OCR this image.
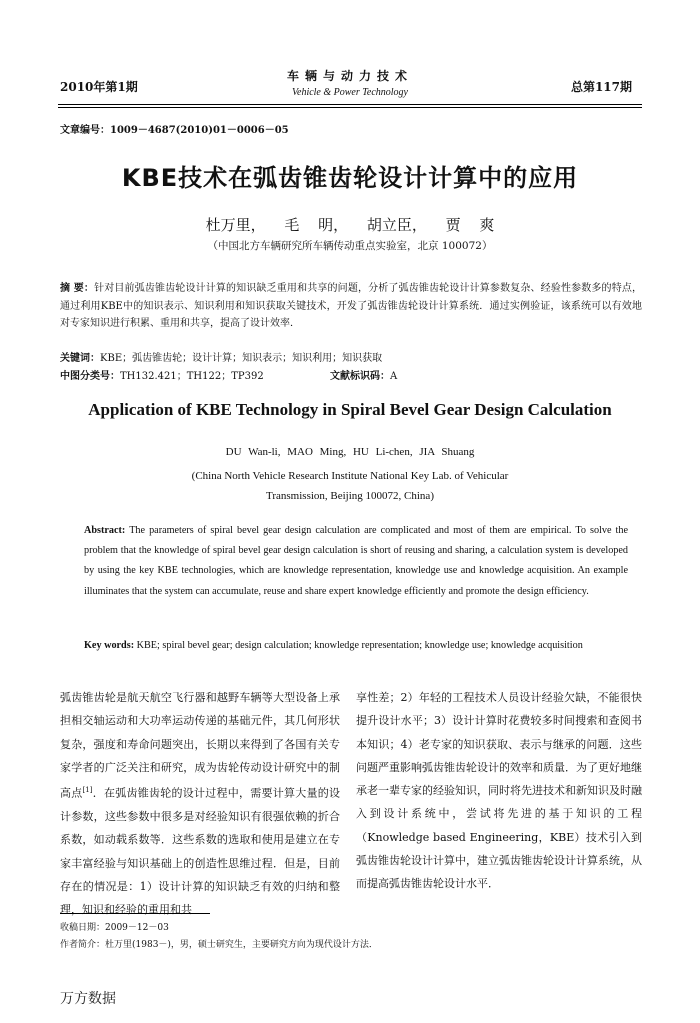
2010年第1期
车辆与动力技术
Vehicle & Power Technology	总第117期
文章编号：1009－4687(2010)01－0006－05
KBE技术在弧齿锥齿轮设计计算中的应用
杜万里， 毛 明， 胡立臣， 贾 爽
（中国北方车辆研究所车辆传动重点实验室，北京 100072）
摘 要：针对目前弧齿锥齿轮设计计算的知识缺乏重用和共享的问题，分析了弧齿锥齿轮设计计算参数复杂、经验性参数多的特点，通过利用KBE中的知识表示、知识利用和知识获取关键技术，开发了弧齿锥齿轮设计计算系统．通过实例验证，该系统可以有效地对专家知识进行积累、重用和共享，提高了设计效率．
关键词：KBE；弧齿锥齿轮；设计计算；知识表示；知识利用；知识获取
中图分类号：TH132.421；TH122；TP392	文献标识码：A
Application of KBE Technology in Spiral Bevel Gear Design Calculation
DU Wan-li, MAO Ming, HU Li-chen, JIA Shuang
(China North Vehicle Research Institute National Key Lab. of Vehicular
Transmission, Beijing 100072, China)
Abstract: The parameters of spiral bevel gear design calculation are complicated and most of them are empirical. To solve the problem that the knowledge of spiral bevel gear design calculation is short of reusing and sharing, a calculation system is developed by using the key KBE technologies, which are knowledge representation, knowledge use and knowledge acquisition. An example illuminates that the system can accumulate, reuse and share expert knowledge efficiently and promote the design efficiency.
Key words: KBE; spiral bevel gear; design calculation; knowledge representation; knowledge use; knowledge acquisition
弧齿锥齿轮是航天航空飞行器和越野车辆等大型设备上承担相交轴运动和大功率运动传递的基础元件，其几何形状复杂，强度和寿命问题突出，长期以来得到了各国有关专家学者的广泛关注和研究，成为齿轮传动设计研究中的制高点[1]．在弧齿锥齿轮的设计过程中，需要计算大量的设计参数，这些参数中很多是对经验知识有很强依赖的折合系数，如动载系数等．这些系数的选取和使用是建立在专家丰富经验与知识基础上的创造性思维过程．但是，目前存在的情况是：1）设计计算的知识缺乏有效的归纳和整理，知识和经验的重用和共
享性差；2）年轻的工程技术人员设计经验欠缺，不能很快提升设计水平；3）设计计算时花费较多时间搜索和查阅书本知识；4）老专家的知识获取、表示与继承的问题．这些问题严重影响弧齿锥齿轮设计的效率和质量．为了更好地继承老一辈专家的经验知识，同时将先进技术和新知识及时融入到设计系统中，尝试将先进的基于知识的工程（Knowledge based Engineering，KBE）技术引入到弧齿锥齿轮设计计算中，建立弧齿锥齿轮设计计算系统，从而提高弧齿锥齿轮设计水平．
收稿日期：2009－12－03
作者简介：杜万里(1983－)，男，硕士研究生，主要研究方向为现代设计方法．
万方数据
